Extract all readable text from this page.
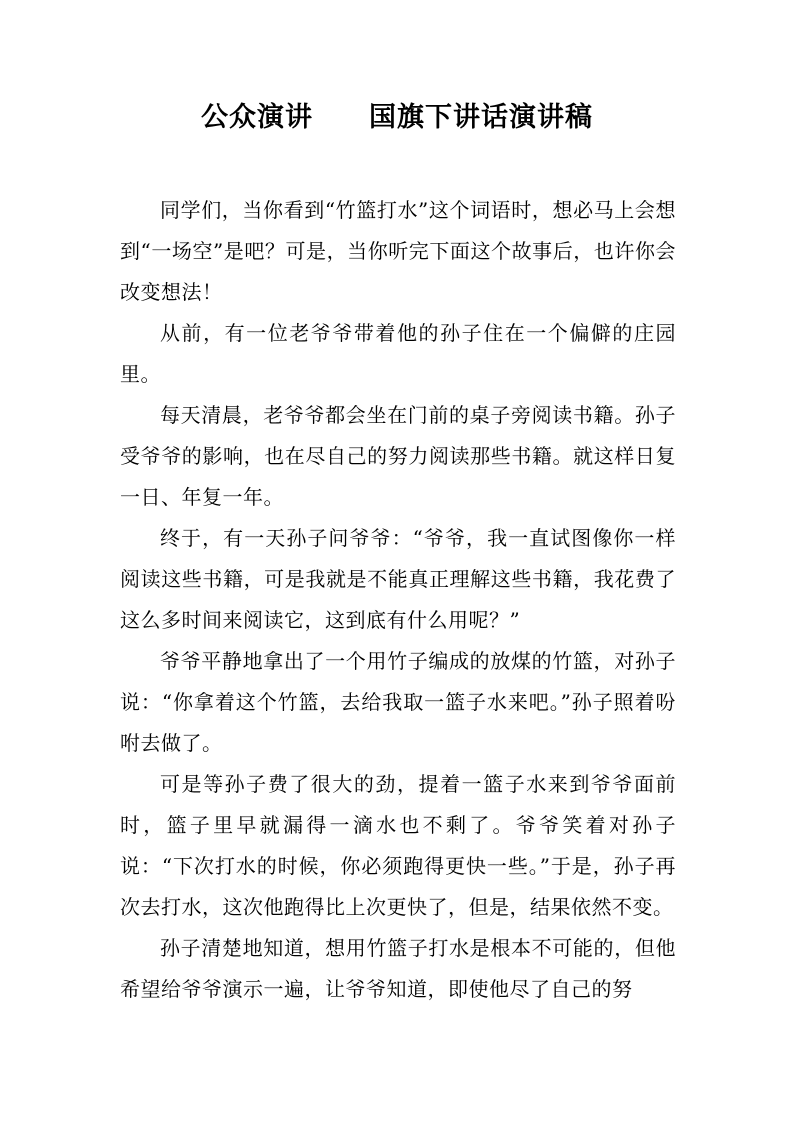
公众演讲　　国旗下讲话演讲稿

同学们，当你看到“竹篮打水”这个词语时，想必马上会想到“一场空”是吧？可是，当你听完下面这个故事后，也许你会改变想法！

从前，有一位老爷爷带着他的孙子住在一个偏僻的庄园里。

每天清晨，老爷爷都会坐在门前的桌子旁阅读书籍。孙子受爷爷的影响，也在尽自己的努力阅读那些书籍。就这样日复一日、年复一年。

终于，有一天孙子问爷爷：“爷爷，我一直试图像你一样阅读这些书籍，可是我就是不能真正理解这些书籍，我花费了这么多时间来阅读它，这到底有什么用呢？”

爷爷平静地拿出了一个用竹子编成的放煤的竹篮，对孙子说：“你拿着这个竹篮，去给我取一篮子水来吧。”孙子照着吩咐去做了。

可是等孙子费了很大的劲，提着一篮子水来到爷爷面前时，篮子里早就漏得一滴水也不剩了。爷爷笑着对孙子说：“下次打水的时候，你必须跑得更快一些。”于是，孙子再次去打水，这次他跑得比上次更快了，但是，结果依然不变。

孙子清楚地知道，想用竹篮子打水是根本不可能的，但他希望给爷爷演示一遍，让爷爷知道，即使他尽了自己的努
